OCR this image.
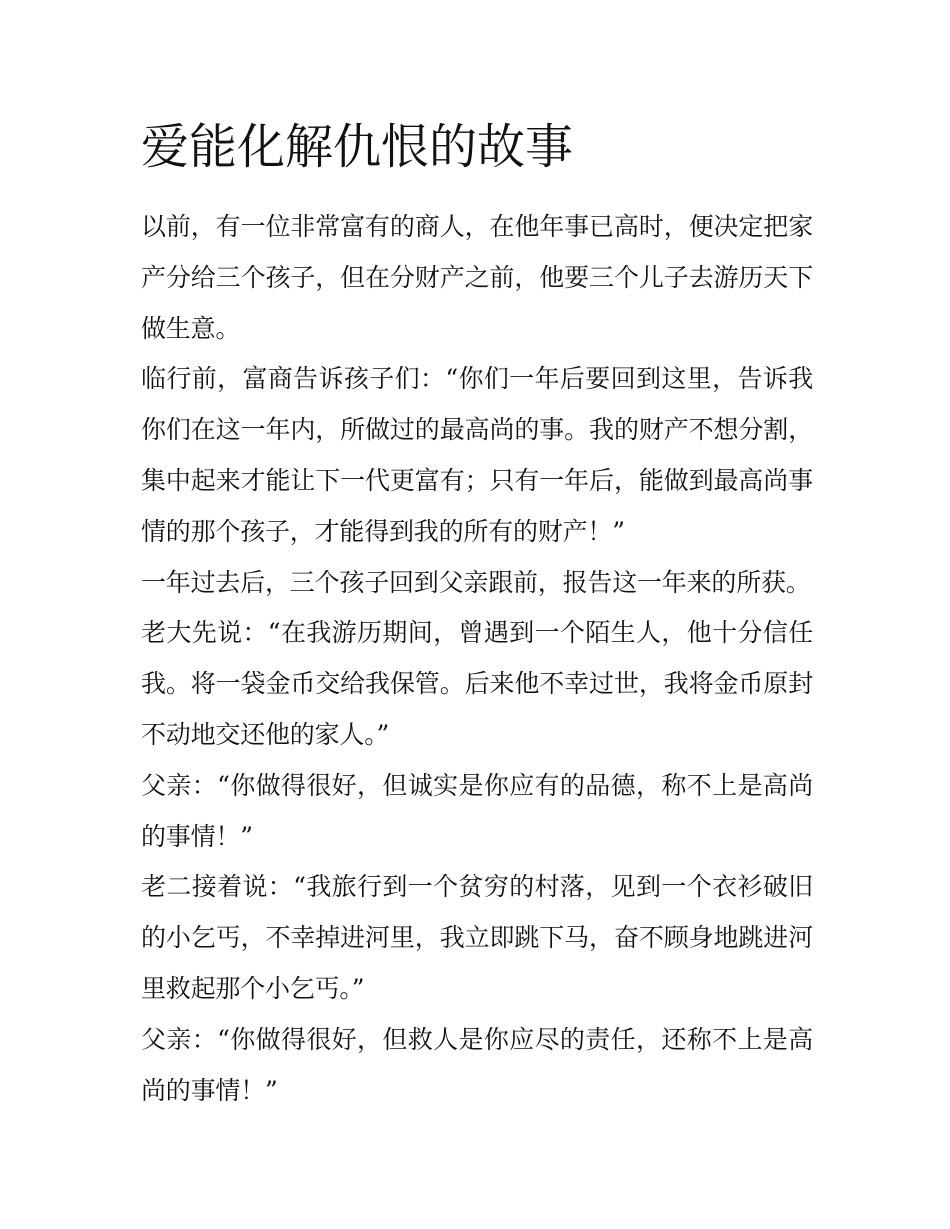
爱能化解仇恨的故事

以前，有一位非常富有的商人，在他年事已高时，便决定把家产分给三个孩子，但在分财产之前，他要三个儿子去游历天下做生意。

临行前，富商告诉孩子们：“你们一年后要回到这里，告诉我你们在这一年内，所做过的最高尚的事。我的财产不想分割，集中起来才能让下一代更富有；只有一年后，能做到最高尚事情的那个孩子，才能得到我的所有的财产！”

一年过去后，三个孩子回到父亲跟前，报告这一年来的所获。

老大先说：“在我游历期间，曾遇到一个陌生人，他十分信任我。将一袋金币交给我保管。后来他不幸过世，我将金币原封不动地交还他的家人。”

父亲：“你做得很好，但诚实是你应有的品德，称不上是高尚的事情！”

老二接着说：“我旅行到一个贫穷的村落，见到一个衣衫破旧的小乞丐，不幸掉进河里，我立即跳下马，奋不顾身地跳进河里救起那个小乞丐。”

父亲：“你做得很好，但救人是你应尽的责任，还称不上是高尚的事情！”
